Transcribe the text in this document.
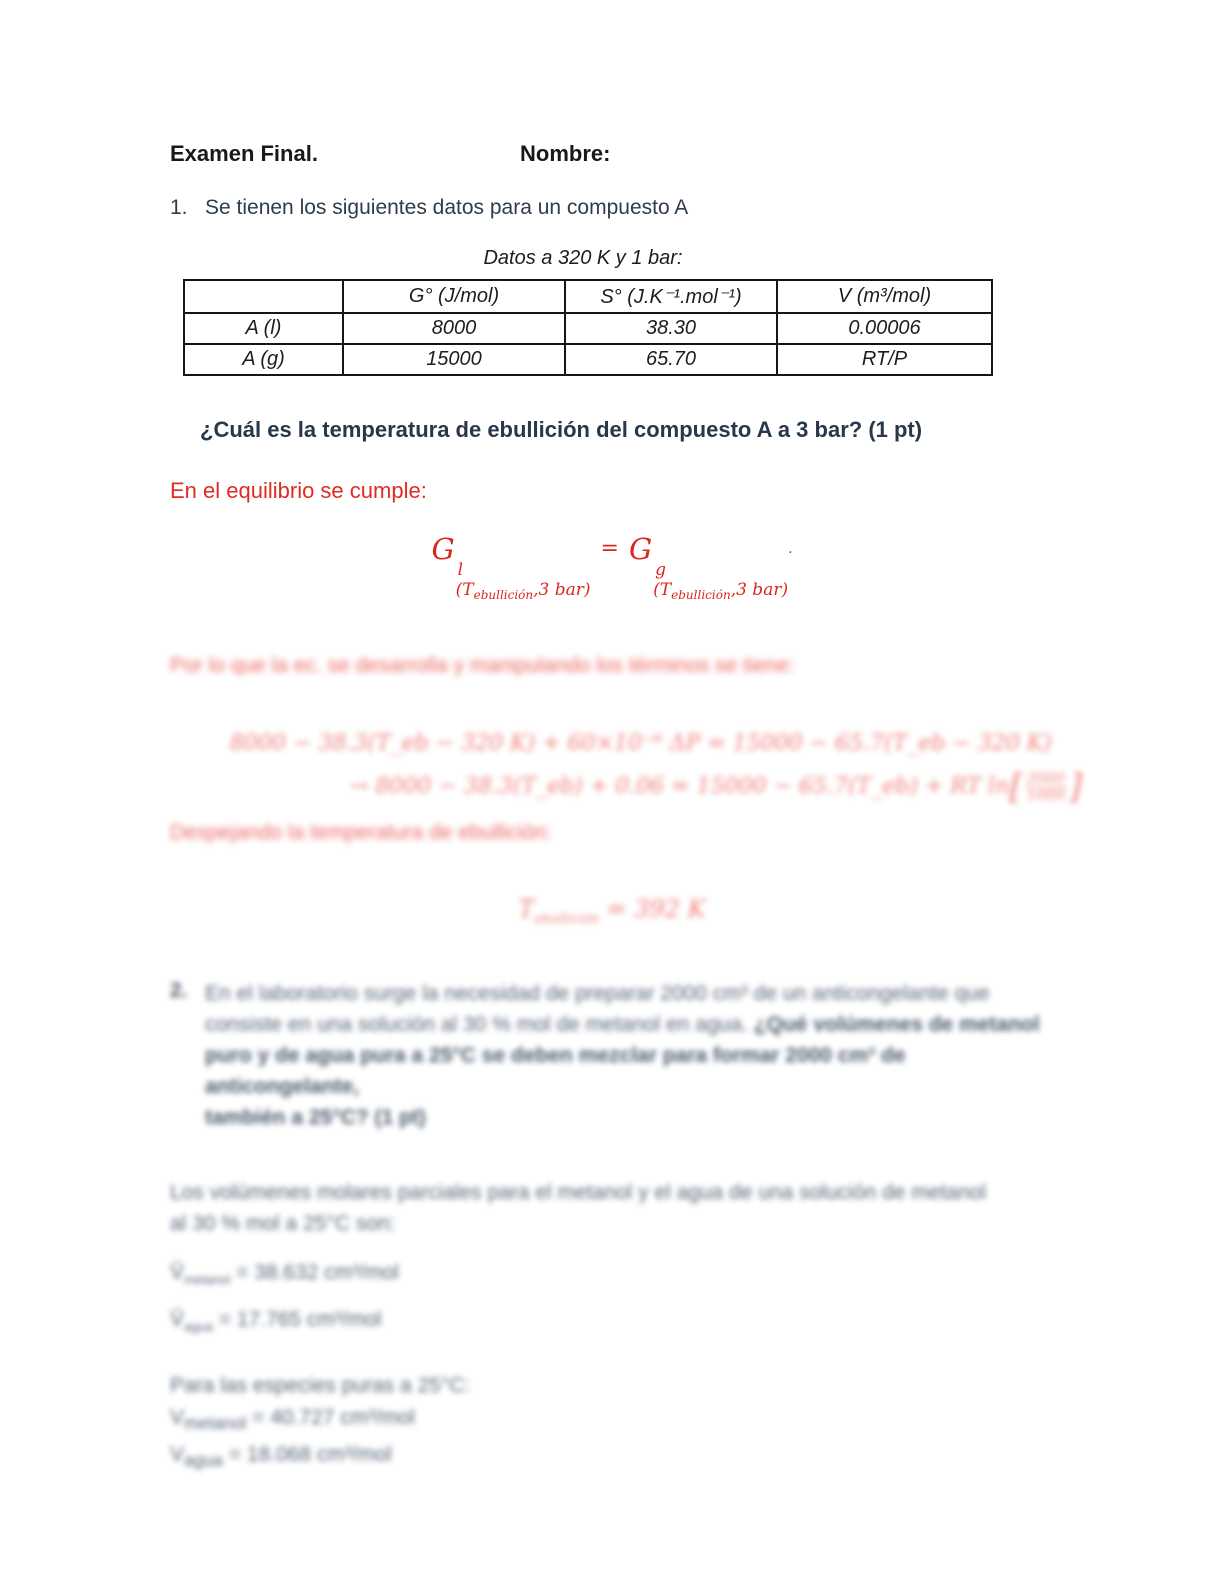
Examen Final.	Nombre:
1. Se tienen los siguientes datos para un compuesto A
Datos a 320 K y 1 bar:
	G° (J/mol)	S° (J.K⁻¹.mol⁻¹)	V (m³/mol)
A (l)	8000	38.30	0.00006
A (g)	15000	65.70	RT/P
¿Cuál es la temperatura de ebullición del compuesto A a 3 bar? (1 pt)
En el equilibrio se cumple:
G
l
($T_{ebullición},3$ bar)
= G
g
($T_{ebullición},3$ bar)
.
Por lo que la ec. se desarrolla y manipulando los términos se tiene:
8000 − 38.3(T_eb − 320 K) + 60×10⁻⁶ ΔP = 15000 − 65.7(T_eb − 320 K)
→ 8000 − 38.3(T_eb) + 0.06 = 15000 − 65.7(T_eb) + RT ln [ 3000
1000 ]
Despejando la temperatura de ebullición:
$T_{ebullición} = 392$ K
2. En el laboratorio surge la necesidad de preparar 2000 cm³ de un anticongelante que
consiste en una solución al 30 % mol de metanol en agua. ¿Qué volúmenes de metanol
puro y de agua pura a 25°C se deben mezclar para formar 2000 cm³ de anticongelante,
también a 25°C? (1 pt)
Los volúmenes molares parciales para el metanol y el agua de una solución de metanol
al 30 % mol a 25°C son:
$V̄_{metanol} = 38.632$ cm³/mol
$V̄_{agua} = 17.765$ cm³/mol
Para las especies puras a 25°C:
$V_{metanol} = 40.727$ cm³/mol
$V_{agua} = 18.068$ cm³/mol
